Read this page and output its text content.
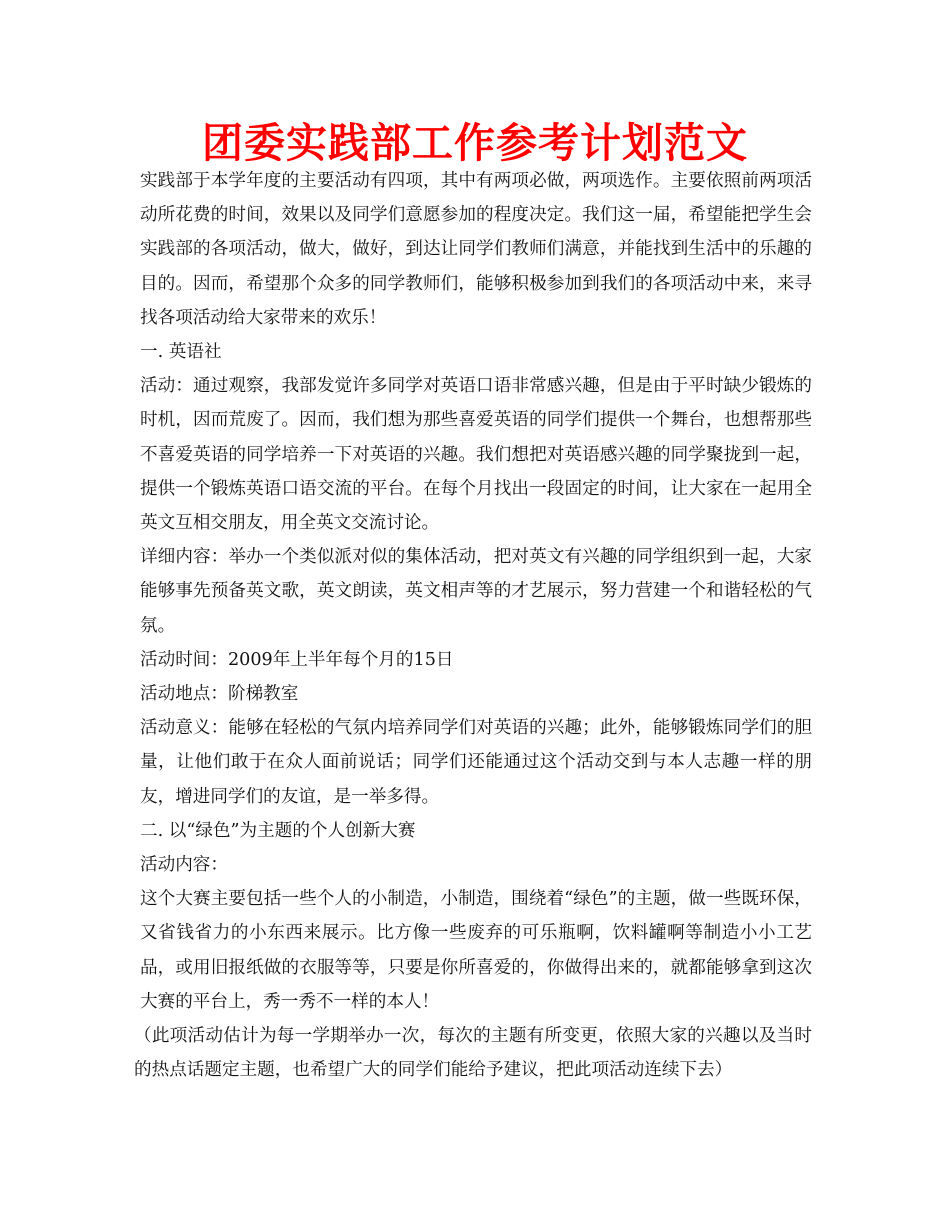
团委实践部工作参考计划范文

实践部于本学年度的主要活动有四项，其中有两项必做，两项选作。主要依照前两项活动所花费的时间，效果以及同学们意愿参加的程度决定。我们这一届，希望能把学生会实践部的各项活动，做大，做好，到达让同学们教师们满意，并能找到生活中的乐趣的目的。因而，希望那个众多的同学教师们，能够积极参加到我们的各项活动中来，来寻找各项活动给大家带来的欢乐！

一. 英语社

活动：通过观察，我部发觉许多同学对英语口语非常感兴趣，但是由于平时缺少锻炼的时机，因而荒废了。因而，我们想为那些喜爱英语的同学们提供一个舞台，也想帮那些不喜爱英语的同学培养一下对英语的兴趣。我们想把对英语感兴趣的同学聚拢到一起，提供一个锻炼英语口语交流的平台。在每个月找出一段固定的时间，让大家在一起用全英文互相交朋友，用全英文交流讨论。

详细内容：举办一个类似派对似的集体活动，把对英文有兴趣的同学组织到一起，大家能够事先预备英文歌，英文朗读，英文相声等的才艺展示，努力营建一个和谐轻松的气氛。

活动时间：2009年上半年每个月的15日

活动地点：阶梯教室

活动意义：能够在轻松的气氛内培养同学们对英语的兴趣；此外，能够锻炼同学们的胆量，让他们敢于在众人面前说话；同学们还能通过这个活动交到与本人志趣一样的朋友，增进同学们的友谊，是一举多得。

二. 以“绿色”为主题的个人创新大赛

活动内容：

这个大赛主要包括一些个人的小制造，小制造，围绕着“绿色”的主题，做一些既环保，又省钱省力的小东西来展示。比方像一些废弃的可乐瓶啊，饮料罐啊等制造小小工艺品，或用旧报纸做的衣服等等，只要是你所喜爱的，你做得出来的，就都能够拿到这次大赛的平台上，秀一秀不一样的本人！

（此项活动估计为每一学期举办一次，每次的主题有所变更，依照大家的兴趣以及当时的热点话题定主题，也希望广大的同学们能给予建议，把此项活动连续下去）
